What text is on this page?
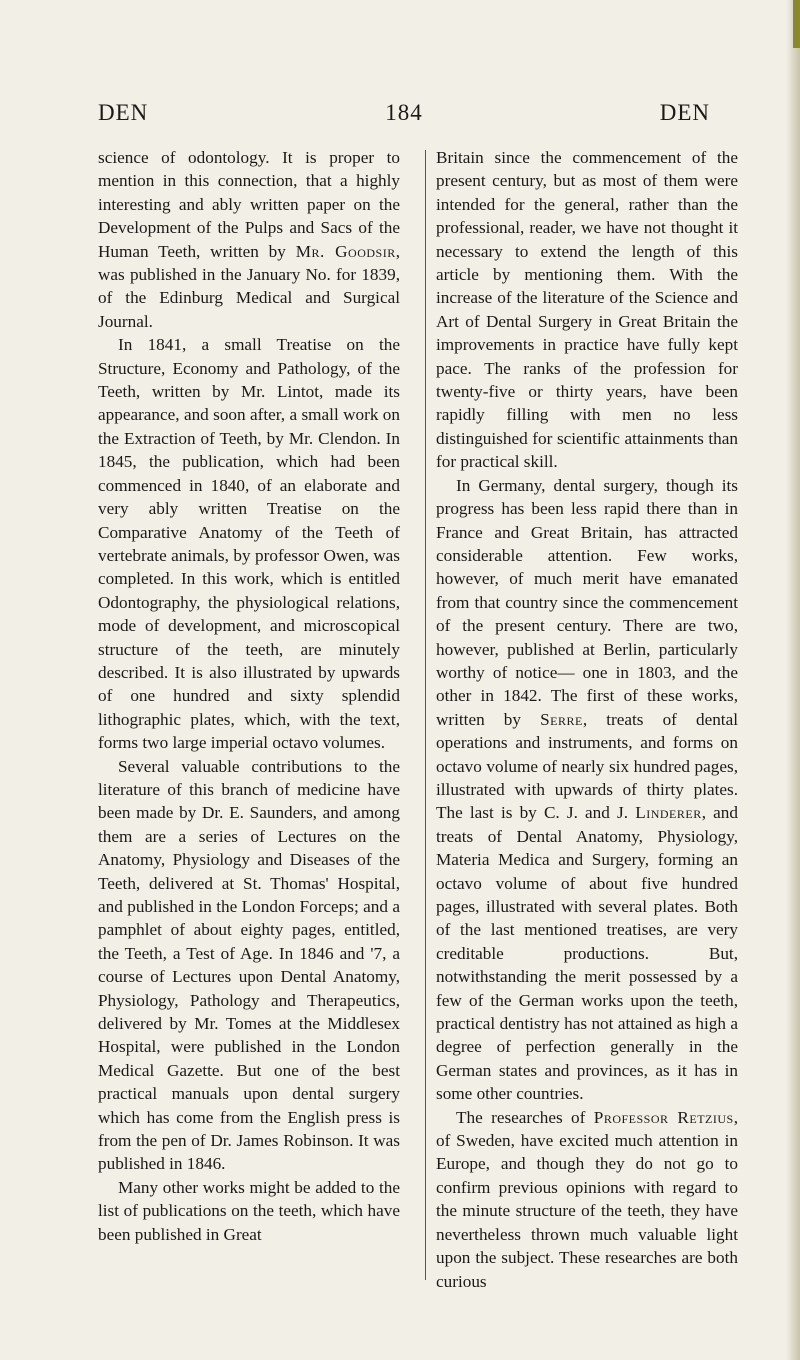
DEN	184	DEN

science of odontology. It is proper to mention in this connection, that a highly interesting and ably written paper on the Development of the Pulps and Sacs of the Human Teeth, written by Mr. Goodsir, was published in the January No. for 1839, of the Edinburg Medical and Surgical Journal.

In 1841, a small Treatise on the Structure, Economy and Pathology, of the Teeth, written by Mr. Lintot, made its appearance, and soon after, a small work on the Extraction of Teeth, by Mr. Clendon. In 1845, the publication, which had been commenced in 1840, of an elaborate and very ably written Treatise on the Comparative Anatomy of the Teeth of vertebrate animals, by professor Owen, was completed. In this work, which is entitled Odontography, the physiological relations, mode of development, and microscopical structure of the teeth, are minutely described. It is also illustrated by upwards of one hundred and sixty splendid lithographic plates, which, with the text, forms two large imperial octavo volumes.

Several valuable contributions to the literature of this branch of medicine have been made by Dr. E. Saunders, and among them are a series of Lectures on the Anatomy, Physiology and Diseases of the Teeth, delivered at St. Thomas' Hospital, and published in the London Forceps; and a pamphlet of about eighty pages, entitled, the Teeth, a Test of Age. In 1846 and '7, a course of Lectures upon Dental Anatomy, Physiology, Pathology and Therapeutics, delivered by Mr. Tomes at the Middlesex Hospital, were published in the London Medical Gazette. But one of the best practical manuals upon dental surgery which has come from the English press is from the pen of Dr. James Robinson. It was published in 1846.

Many other works might be added to the list of publications on the teeth, which have been published in Great

Britain since the commencement of the present century, but as most of them were intended for the general, rather than the professional, reader, we have not thought it necessary to extend the length of this article by mentioning them. With the increase of the literature of the Science and Art of Dental Surgery in Great Britain the improvements in practice have fully kept pace. The ranks of the profession for twenty-five or thirty years, have been rapidly filling with men no less distinguished for scientific attainments than for practical skill.

In Germany, dental surgery, though its progress has been less rapid there than in France and Great Britain, has attracted considerable attention. Few works, however, of much merit have emanated from that country since the commencement of the present century. There are two, however, published at Berlin, particularly worthy of notice— one in 1803, and the other in 1842. The first of these works, written by Serre, treats of dental operations and instruments, and forms on octavo volume of nearly six hundred pages, illustrated with upwards of thirty plates. The last is by C. J. and J. Linderer, and treats of Dental Anatomy, Physiology, Materia Medica and Surgery, forming an octavo volume of about five hundred pages, illustrated with several plates. Both of the last mentioned treatises, are very creditable productions. But, notwithstanding the merit possessed by a few of the German works upon the teeth, practical dentistry has not attained as high a degree of perfection generally in the German states and provinces, as it has in some other countries.

The researches of Professor Retzius, of Sweden, have excited much attention in Europe, and though they do not go to confirm previous opinions with regard to the minute structure of the teeth, they have nevertheless thrown much valuable light upon the subject. These researches are both curious
